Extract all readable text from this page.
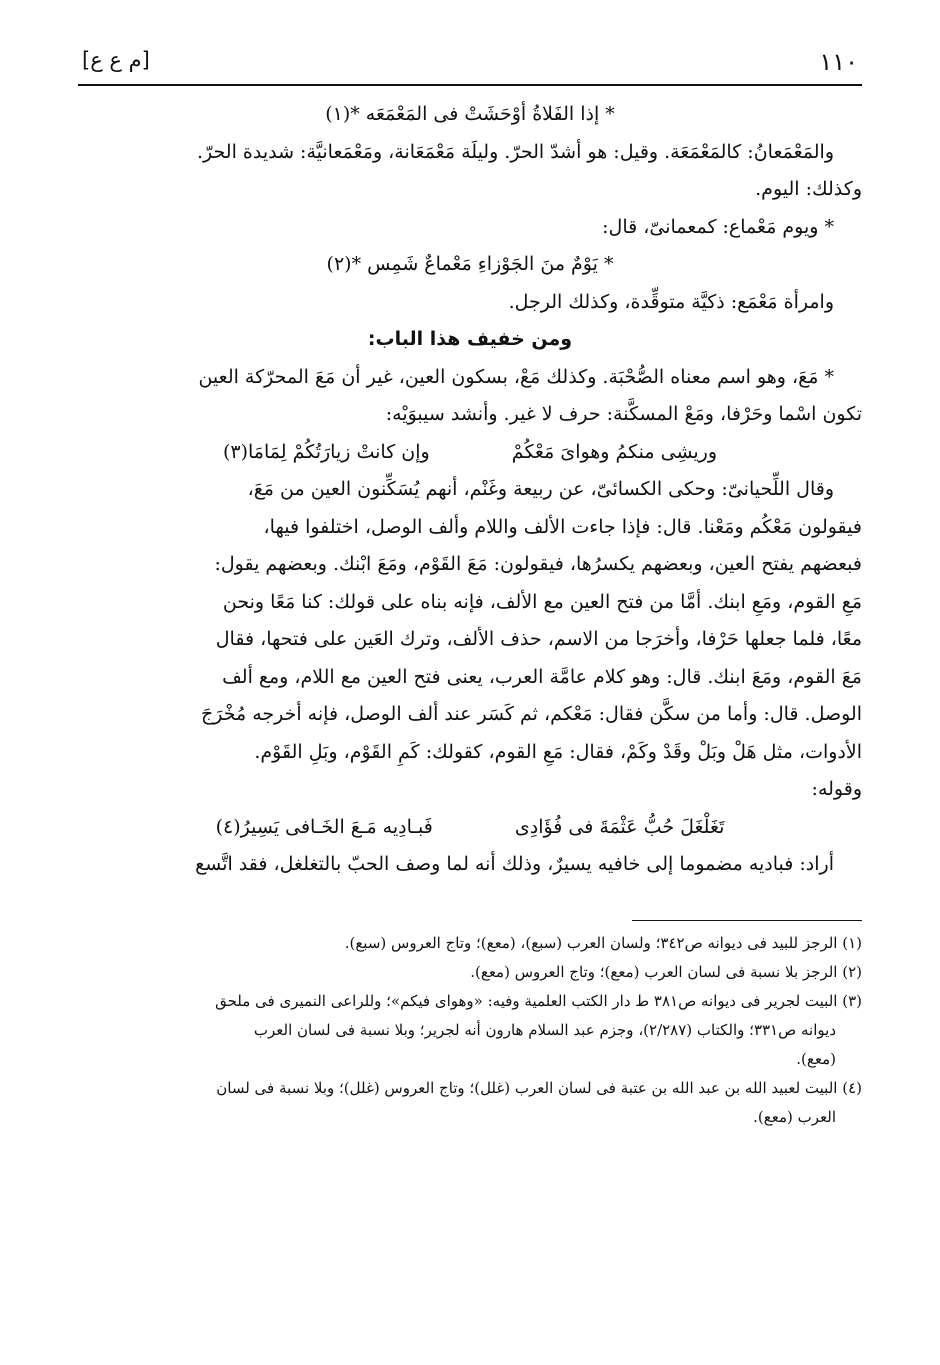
١١٠
[م ع ع]
* إذا الفَلاةُ أوْحَشَتْ فى المَعْمَعَه *(١)
والمَعْمَعانُ: كالمَعْمَعَة. وقيل: هو أشدّ الحرّ. وليلَة مَعْمَعَانة، ومَعْمَعانيَّة: شديدة الحرّ.
وكذلك: اليوم.
* ويوم مَعْماع: كمعمانىّ، قال:
* يَوْمٌ منَ الجَوْزاءِ مَعْماعٌ شَمِس *(٢)
وامرأة مَعْمَع: ذكيَّة متوقِّدة، وكذلك الرجل.
ومن خفيف هذا الباب:
* مَعَ، وهو اسم معناه الصُّحْبَة. وكذلك مَعْ، بسكون العين، غير أن مَعَ المحرّكة العين
تكون اسْما وحَرْفا، ومَعْ المسكَّنة: حرف لا غير. وأنشد سيبوَيْه:
وريشِى منكمُ وهواىَ مَعْكُمْ  وإن كانتْ زيارَتُكُمْ لِمَامَا(٣)
وقال اللِّحيانىّ: وحكى الكسائىّ، عن ربيعة وغَنْم، أنهم يُسَكِّنون العين من مَعَ،
فيقولون مَعْكُم ومَعْنا. قال: فإذا جاءت الألف واللام وألف الوصل، اختلفوا فيها،
فبعضهم يفتح العين، وبعضهم يكسرُها، فيقولون: مَعَ القَوْم، ومَعَ ابْنك. وبعضهم يقول:
مَعِ القوم، ومَعِ ابنك. أمَّا من فتح العين مع الألف، فإنه بناه على قولك: كنا مَعًا ونحن
معًا، فلما جعلها حَرْفا، وأخرَجا من الاسم، حذف الألف، وترك العَين على فتحها، فقال
مَعَ القوم، ومَعَ ابنك. قال: وهو كلام عامَّة العرب، يعنى فتح العين مع اللام، ومع ألف
الوصل. قال: وأما من سكَّن فقال: مَعْكم، ثم كَسَر عند ألف الوصل، فإنه أخرجه مُخْرَجَ
الأدوات، مثل هَلْ وبَلْ وقَدْ وكَمْ، فقال: مَعِ القوم، كقولك: كَمِ القَوْم، وبَلِ القَوْم.
وقوله:
تَغَلْغَلَ حُبُّ عَثْمَةَ فى فُؤَادِى  فَبـادِيه مَـعَ الخَـافى يَسِيرُ(٤)
أراد: فباديه مضموما إلى خافيه يسيرٌ، وذلك أنه لما وصف الحبّ بالتغلغل، فقد اتَّسع
(١) الرجز للبيد فى ديوانه ص٣٤٢؛ ولسان العرب (سبع)، (معع)؛ وتاج العروس (سبع).
(٢) الرجز بلا نسبة فى لسان العرب (معع)؛ وتاج العروس (معع).
(٣) البيت لجرير فى ديوانه ص٣٨١ ط دار الكتب العلمية وفيه: «وهواى فيكم»؛ وللراعى النميرى فى ملحق
ديوانه ص٣٣١؛ والكتاب (٢/٢٨٧)، وجزم عبد السلام هارون أنه لجرير؛ وبلا نسبة فى لسان العرب
(معع).
(٤) البيت لعبيد الله بن عبد الله بن عتبة فى لسان العرب (غلل)؛ وتاج العروس (غلل)؛ وبلا نسبة فى لسان
العرب (معع).
